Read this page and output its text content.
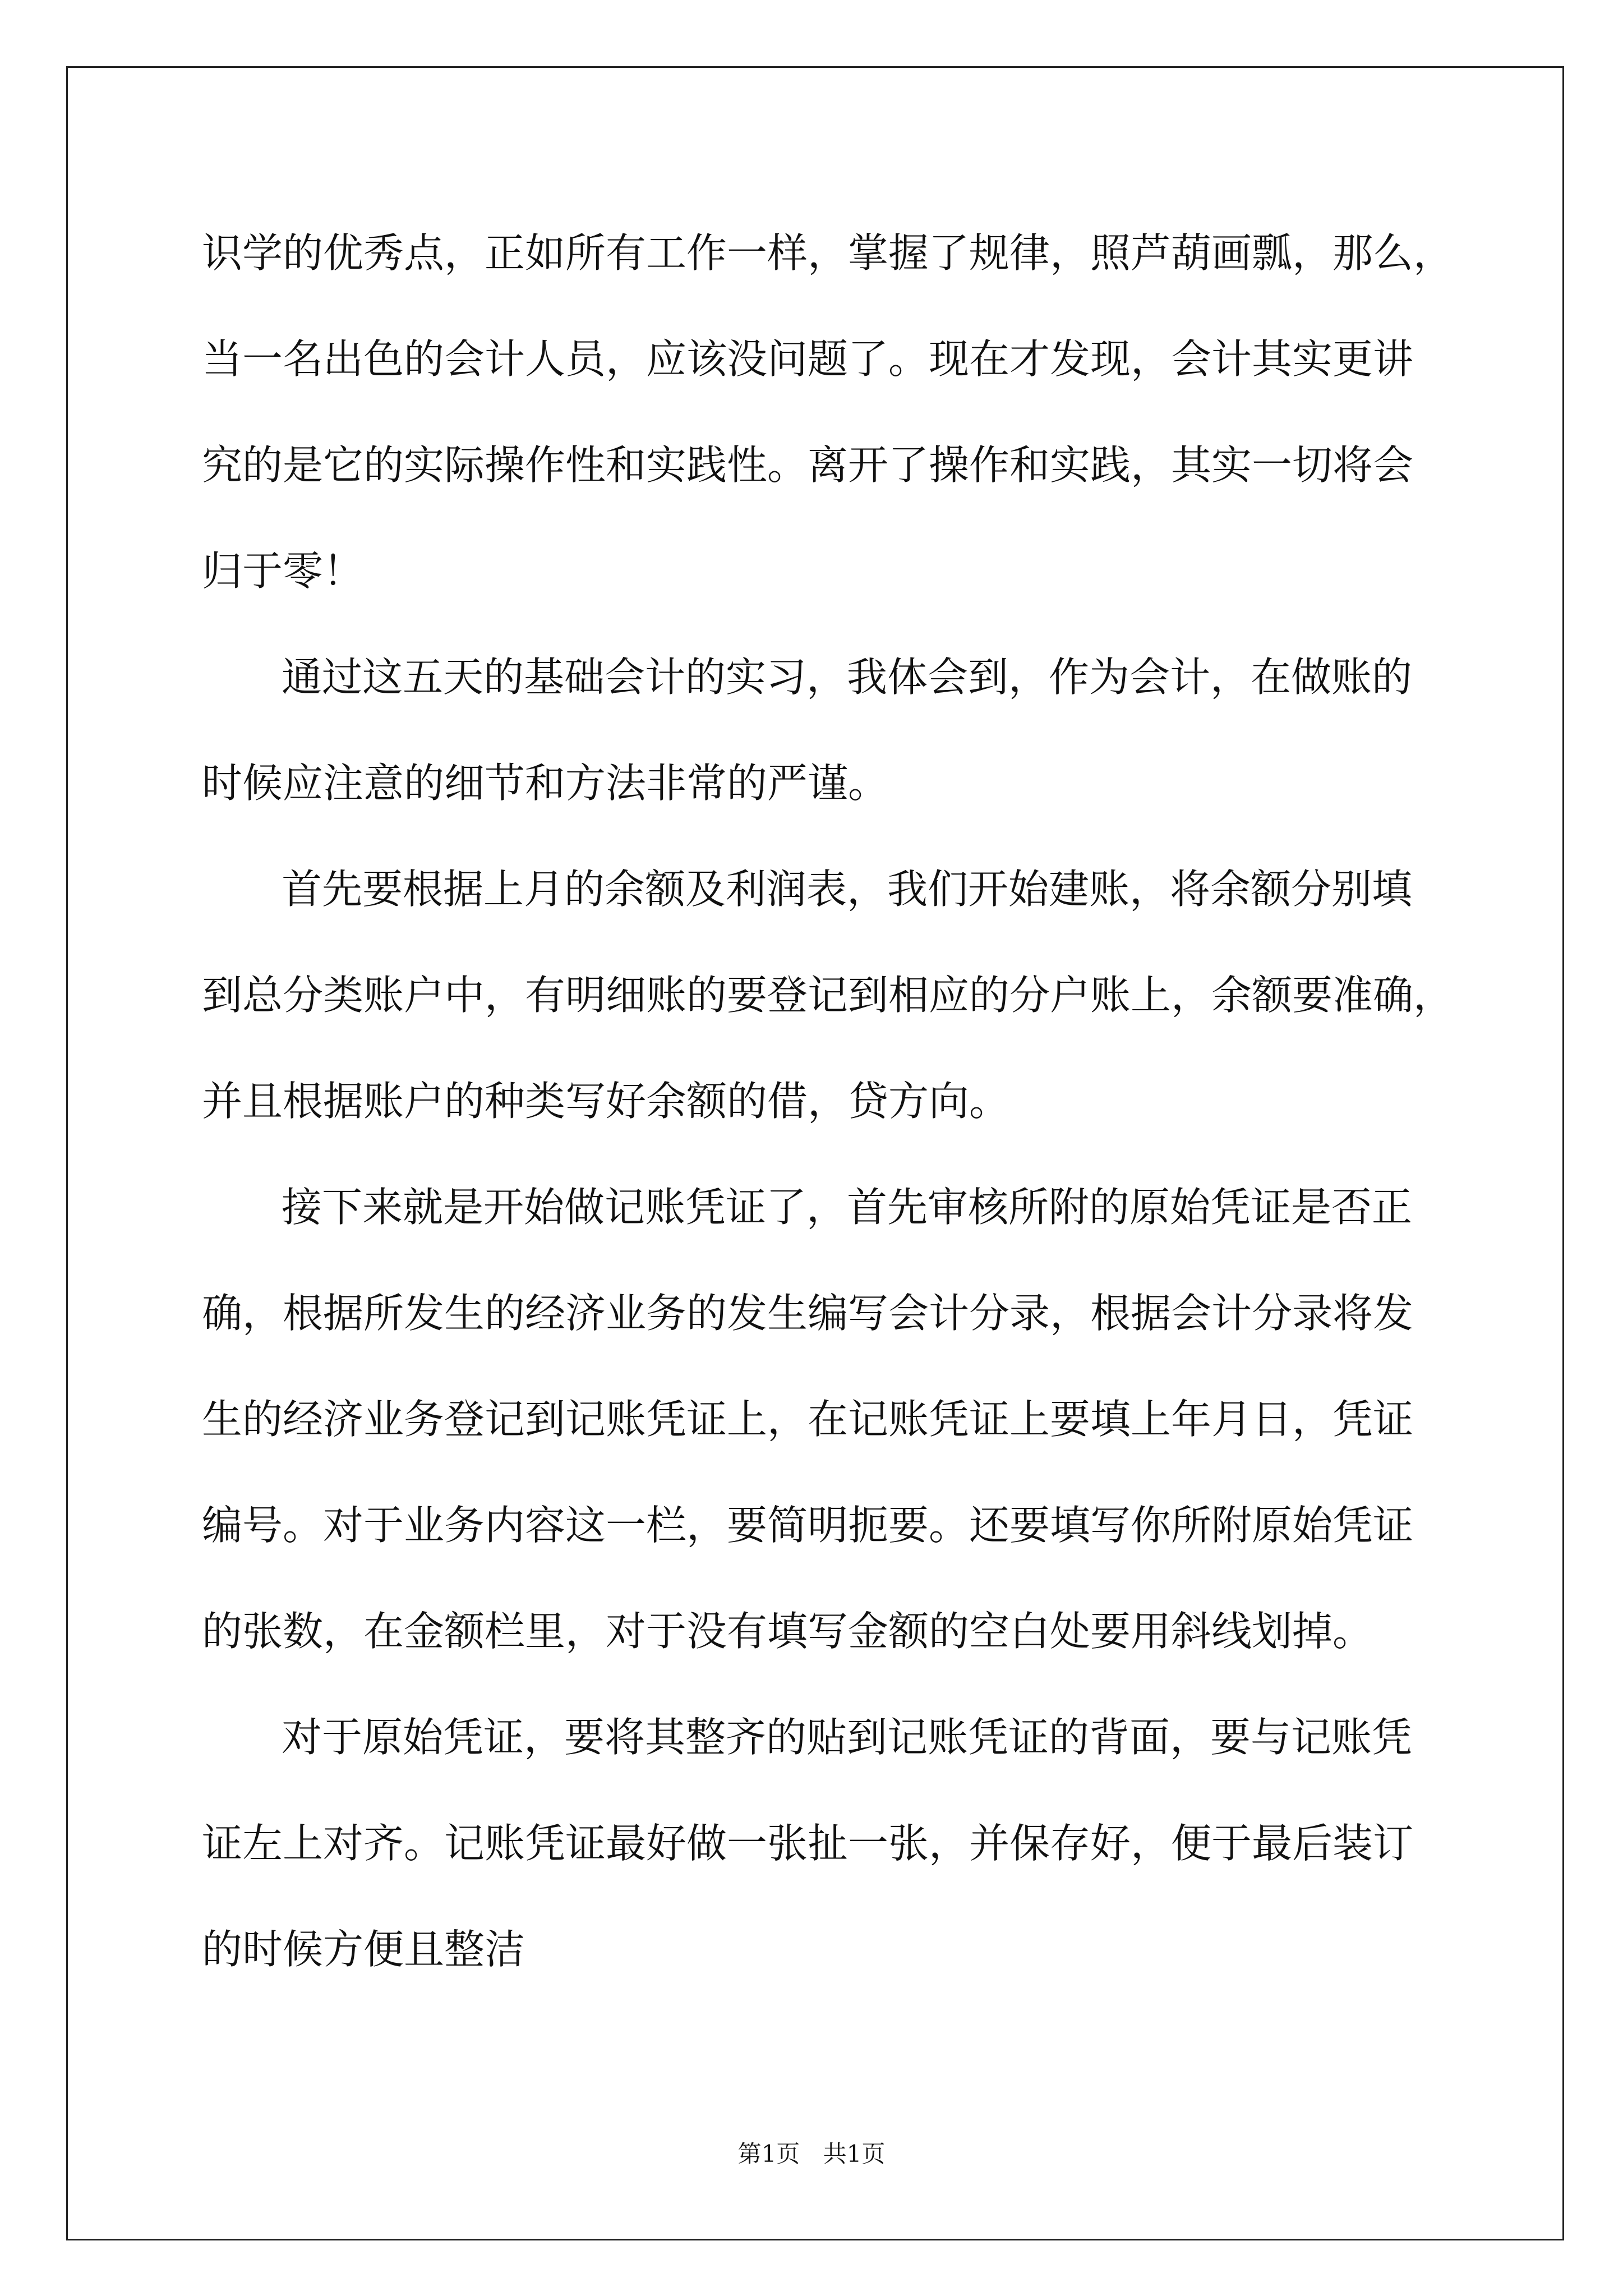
识学的优秀点，正如所有工作一样，掌握了规律，照芦葫画瓢，那么，
当一名出色的会计人员，应该没问题了。现在才发现，会计其实更讲
究的是它的实际操作性和实践性。离开了操作和实践，其实一切将会
归于零！
通过这五天的基础会计的实习，我体会到，作为会计，在做账的
时候应注意的细节和方法非常的严谨。
首先要根据上月的余额及利润表，我们开始建账，将余额分别填
到总分类账户中，有明细账的要登记到相应的分户账上，余额要准确，
并且根据账户的种类写好余额的借，贷方向。
接下来就是开始做记账凭证了，首先审核所附的原始凭证是否正
确，根据所发生的经济业务的发生编写会计分录，根据会计分录将发
生的经济业务登记到记账凭证上，在记账凭证上要填上年月日，凭证
编号。对于业务内容这一栏，要简明扼要。还要填写你所附原始凭证
的张数，在金额栏里，对于没有填写金额的空白处要用斜线划掉。
对于原始凭证，要将其整齐的贴到记账凭证的背面，要与记账凭
证左上对齐。记账凭证最好做一张扯一张，并保存好，便于最后装订
的时候方便且整洁
第1页 共1页
